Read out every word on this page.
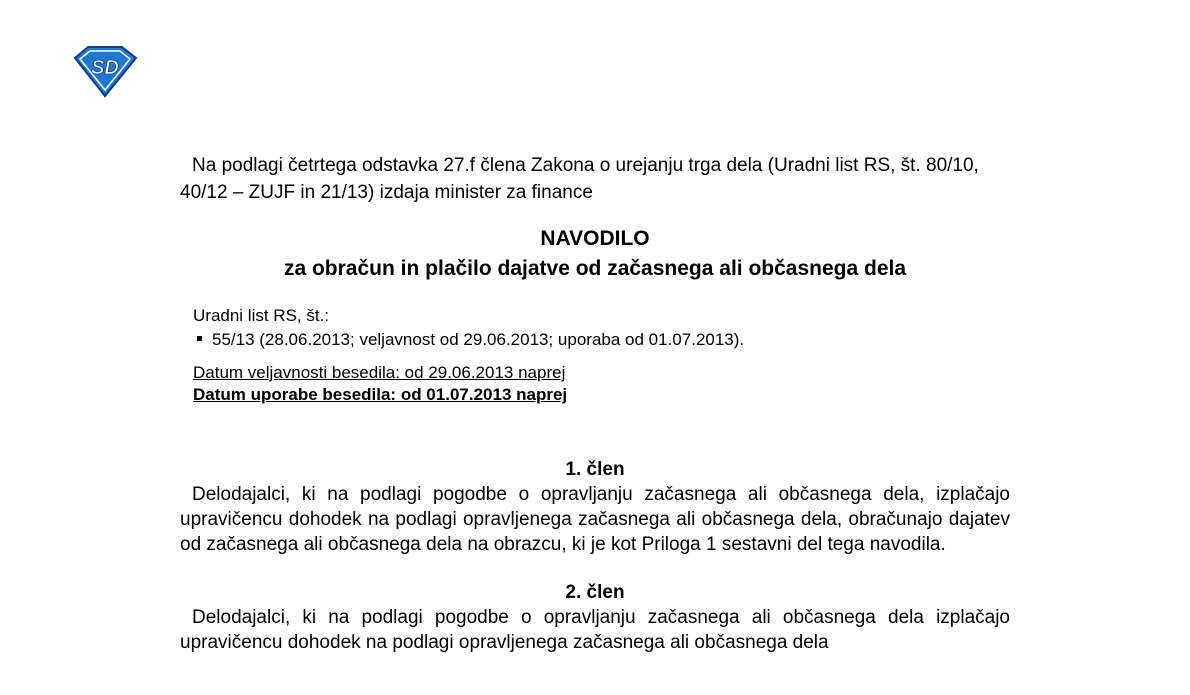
SD

Na podlagi četrtega odstavka 27.f člena Zakona o urejanju trga dela (Uradni list RS, št. 80/10, 40/12 – ZUJF in 21/13) izdaja minister za finance

NAVODILO

za obračun in plačilo dajatve od začasnega ali občasnega dela

Uradni list RS, št.:
55/13 (28.06.2013; veljavnost od 29.06.2013; uporaba od 01.07.2013).
Datum veljavnosti besedila: od 29.06.2013 naprej
Datum uporabe besedila: od 01.07.2013 naprej

1. člen

Delodajalci, ki na podlagi pogodbe o opravljanju začasnega ali občasnega dela, izplačajo upravičencu dohodek na podlagi opravljenega začasnega ali občasnega dela, obračunajo dajatev od začasnega ali občasnega dela na obrazcu, ki je kot Priloga 1 sestavni del tega navodila.

2. člen

Delodajalci, ki na podlagi pogodbe o opravljanju začasnega ali občasnega dela izplačajo upravičencu dohodek na podlagi opravljenega začasnega ali občasnega dela
